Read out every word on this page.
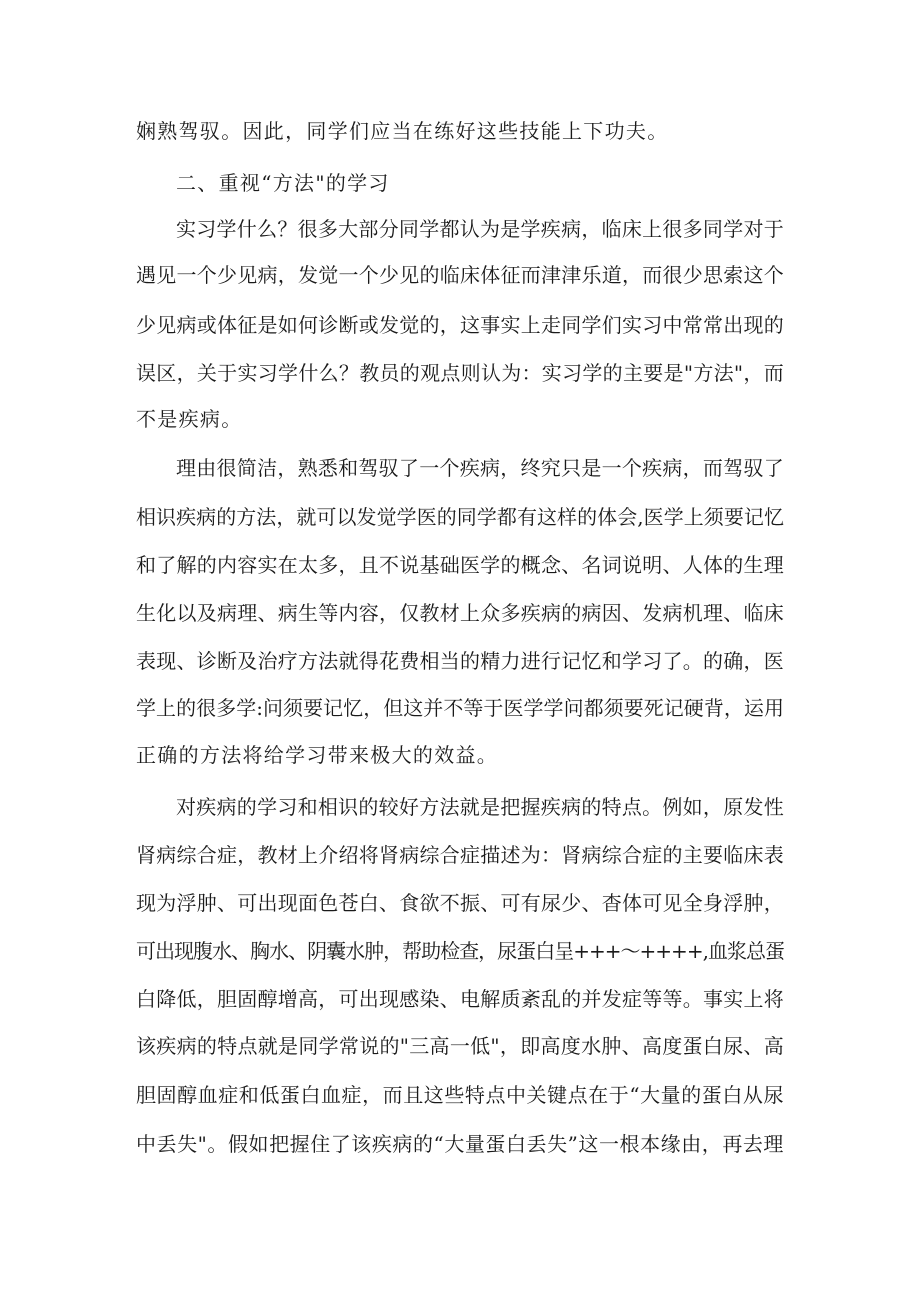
娴熟驾驭。因此，同学们应当在练好这些技能上下功夫。
二、重视“方法"的学习
实习学什么？很多大部分同学都认为是学疾病，临床上很多同学对于
遇见一个少见病，发觉一个少见的临床体征而津津乐道，而很少思索这个
少见病或体征是如何诊断或发觉的，这事实上走同学们实习中常常出现的
误区，关于实习学什么？教员的观点则认为：实习学的主要是"方法"，而
不是疾病。
理由很简洁，熟悉和驾驭了一个疾病，终究只是一个疾病，而驾驭了
相识疾病的方法，就可以发觉学医的同学都有这样的体会,医学上须要记忆
和了解的内容实在太多，且不说基础医学的概念、名词说明、人体的生理
生化以及病理、病生等内容，仅教材上众多疾病的病因、发病机理、临床
表现、诊断及治疗方法就得花费相当的精力进行记忆和学习了。的确，医
学上的很多学:问须要记忆，但这并不等于医学学问都须要死记硬背，运用
正确的方法将给学习带来极大的效益。
对疾病的学习和相识的较好方法就是把握疾病的特点。例如，原发性
肾病综合症，教材上介绍将肾病综合症描述为：肾病综合症的主要临床表
现为浮肿、可出现面色苍白、食欲不振、可有尿少、杳体可见全身浮肿，
可出现腹水、胸水、阴囊水肿，帮助检查，尿蛋白呈+++～++++,血浆总蛋
白降低，胆固醇增高，可出现感染、电解质紊乱的并发症等等。事实上将
该疾病的特点就是同学常说的"三高一低"，即高度水肿、高度蛋白尿、高
胆固醇血症和低蛋白血症，而且这些特点中关键点在于“大量的蛋白从尿
中丢失"。假如把握住了该疾病的“大量蛋白丢失”这一根本缘由，再去理
